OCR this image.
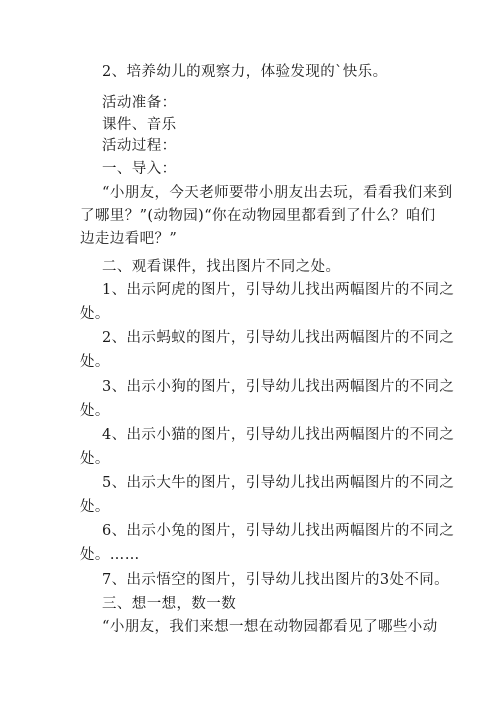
2、培养幼儿的观察力，体验发现的`快乐。
活动准备：
课件、音乐
活动过程：
一、导入：
“小朋友，今天老师要带小朋友出去玩，看看我们来到
了哪里？”(动物园)“你在动物园里都看到了什么？咱们
边走边看吧？”
二、观看课件，找出图片不同之处。
1、出示阿虎的图片，引导幼儿找出两幅图片的不同之
处。
2、出示蚂蚁的图片，引导幼儿找出两幅图片的不同之
处。
3、出示小狗的图片，引导幼儿找出两幅图片的不同之
处。
4、出示小猫的图片，引导幼儿找出两幅图片的不同之
处。
5、出示大牛的图片，引导幼儿找出两幅图片的不同之
处。
6、出示小兔的图片，引导幼儿找出两幅图片的不同之
处。……
7、出示悟空的图片，引导幼儿找出图片的3处不同。
三、想一想，数一数
“小朋友，我们来想一想在动物园都看见了哪些小动
